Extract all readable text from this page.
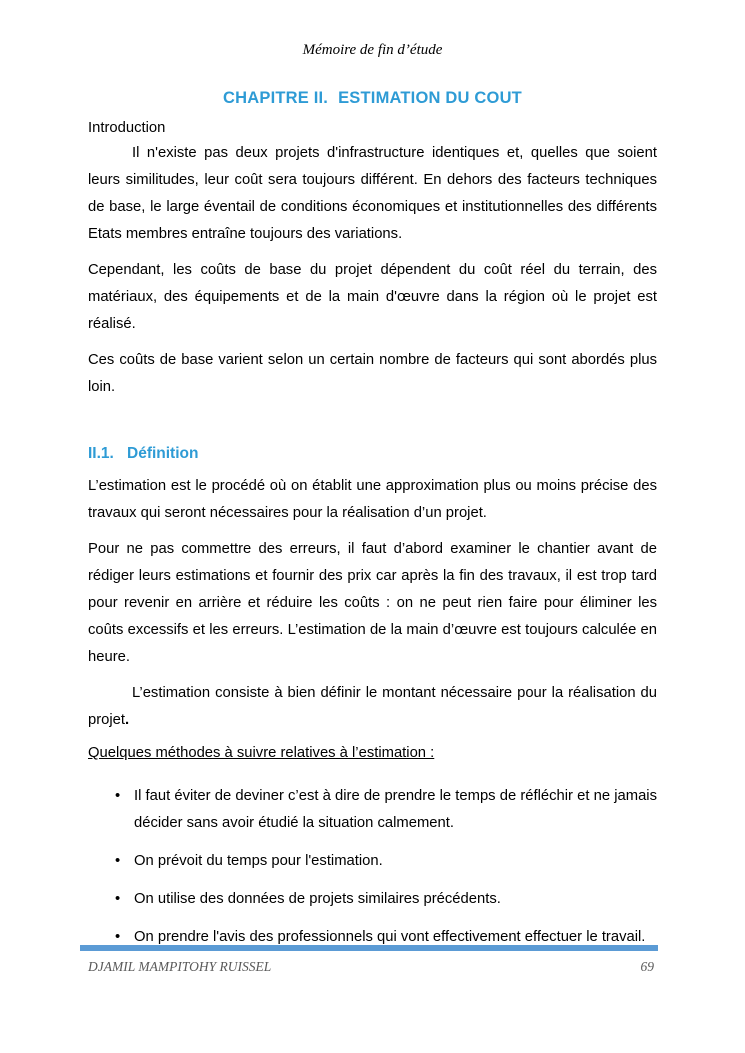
Mémoire de fin d’étude
CHAPITRE II. ESTIMATION DU COUT
Introduction

Il n'existe pas deux projets d'infrastructure identiques et, quelles que soient leurs similitudes, leur coût sera toujours différent. En dehors des facteurs techniques de base, le large éventail de conditions économiques et institutionnelles des différents Etats membres entraîne toujours des variations.

Cependant, les coûts de base du projet dépendent du coût réel du terrain, des matériaux, des équipements et de la main d'œuvre dans la région où le projet est réalisé.

Ces coûts de base varient selon un certain nombre de facteurs qui sont abordés plus loin.

II.1. Définition

L’estimation est le procédé où on établit une approximation plus ou moins précise des travaux qui seront nécessaires pour la réalisation d’un projet.

Pour ne pas commettre des erreurs, il faut d’abord examiner le chantier avant de rédiger leurs estimations et fournir des prix car après la fin des travaux, il est trop tard pour revenir en arrière et réduire les coûts : on ne peut rien faire pour éliminer les coûts excessifs et les erreurs. L’estimation de la main d’œuvre est toujours calculée en heure.

L’estimation consiste à bien définir le montant nécessaire pour la réalisation du projet.

Quelques méthodes à suivre relatives à l’estimation :

• Il faut éviter de deviner c’est à dire de prendre le temps de réfléchir et ne jamais décider sans avoir étudié la situation calmement.
• On prévoit du temps pour l'estimation.
• On utilise des données de projets similaires précédents.
• On prendre l'avis des professionnels qui vont effectivement effectuer le travail.
DJAMIL MAMPITOHY RUISSEL	69
